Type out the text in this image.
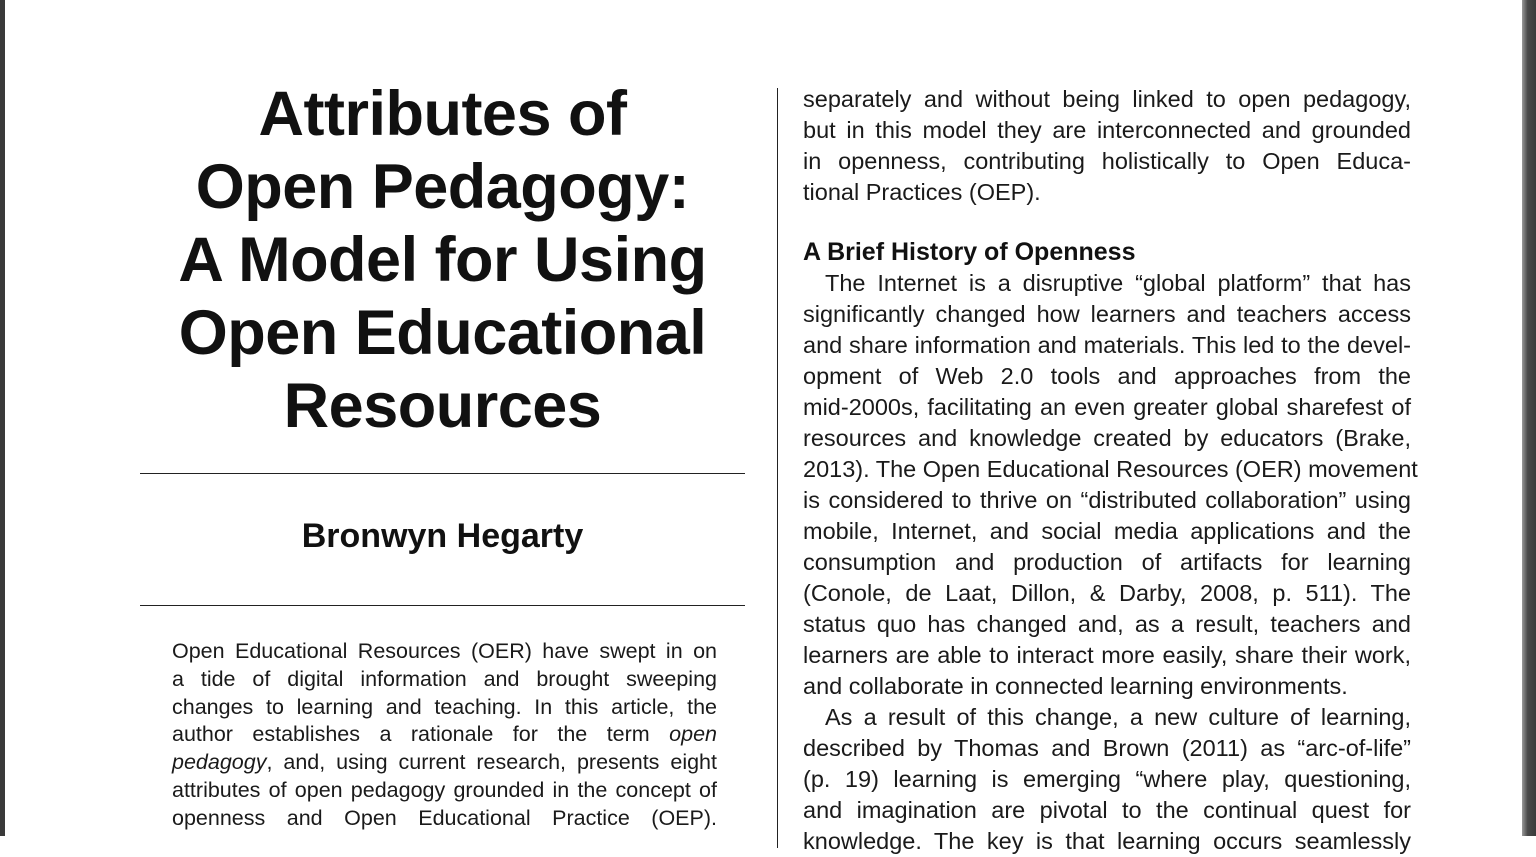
Attributes of
Open Pedagogy:
A Model for Using
Open Educational
Resources
Bronwyn Hegarty
Open Educational Resources (OER) have swept in on
a tide of digital information and brought sweeping
changes to learning and teaching. In this article, the
author establishes a rationale for the term open
pedagogy, and, using current research, presents eight
attributes of open pedagogy grounded in the concept of
openness and Open Educational Practice (OEP).
separately and without being linked to open pedagogy,
but in this model they are interconnected and grounded
in openness, contributing holistically to Open Educa-
tional Practices (OEP).
A Brief History of Openness
The Internet is a disruptive “global platform” that has
significantly changed how learners and teachers access
and share information and materials. This led to the devel-
opment of Web 2.0 tools and approaches from the
mid-2000s, facilitating an even greater global sharefest of
resources and knowledge created by educators (Brake,
2013). The Open Educational Resources (OER) movement
is considered to thrive on “distributed collaboration” using
mobile, Internet, and social media applications and the
consumption and production of artifacts for learning
(Conole, de Laat, Dillon, & Darby, 2008, p. 511). The
status quo has changed and, as a result, teachers and
learners are able to interact more easily, share their work,
and collaborate in connected learning environments.
As a result of this change, a new culture of learning,
described by Thomas and Brown (2011) as “arc-of-life”
(p. 19) learning is emerging “where play, questioning,
and imagination are pivotal to the continual quest for
knowledge. The key is that learning occurs seamlessly
